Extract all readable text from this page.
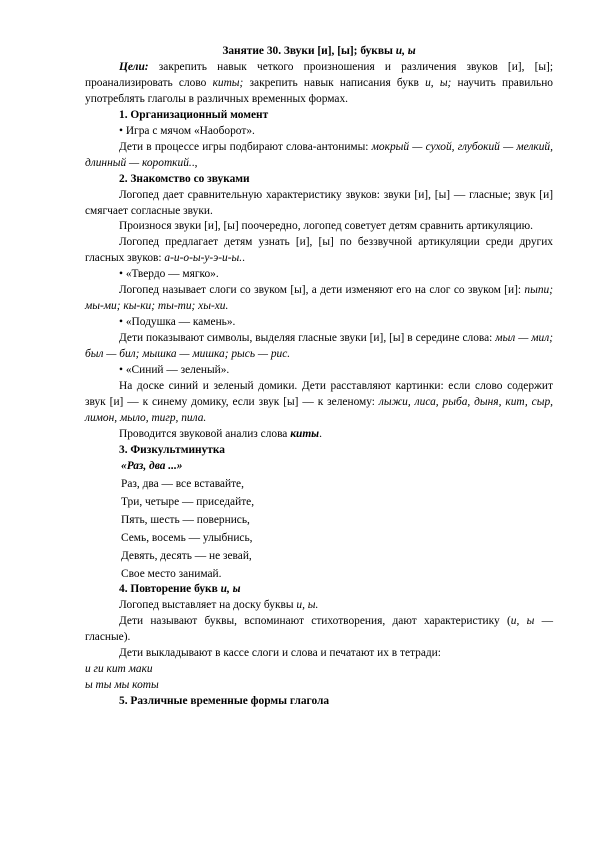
Занятие 30. Звуки [и], [ы]; буквы и, ы

Цели: закрепить навык четкого произношения и различения звуков [и], [ы]; проанализировать слово киты; закрепить навык написания букв и, ы; научить правильно употреблять глаголы в различных временных формах.

1. Организационный момент

• Игра с мячом «Наоборот».

Дети в процессе игры подбирают слова-антонимы: мокрый — сухой, глубокий — мелкий, длинный — короткий..,

2. Знакомство со звуками

Логопед дает сравнительную характеристику звуков: звуки [и], [ы] — гласные; звук [и] смягчает согласные звуки.

Произнося звуки [и], [ы] поочередно, логопед советует детям сравнить артикуляцию.

Логопед предлагает детям узнать [и], [ы] по беззвучной артикуляции среди других гласных звуков: а-и-о-ы-у-э-и-ы..

• «Твердо — мягко».

Логопед называет слоги со звуком [ы], а дети изменяют его на слог со звуком [и]: пыпи; мы-ми; кы-ки; ты-ти; хы-хи.

• «Подушка — камень».

Дети показывают символы, выделяя гласные звуки [и], [ы] в середине слова: мыл — мил; был — бил; мышка — мишка; рысь — рис.

• «Синий — зеленый».

На доске синий и зеленый домики. Дети расставляют картинки: если слово содержит звук [и] — к синему домику, если звук [ы] — к зеленому: лыжи, лиса, рыба, дыня, кит, сыр, лимон, мыло, тигр, пила.

Проводится звуковой анализ слова киты.

3. Физкультминутка

«Раз, два ...»
Раз, два — все вставайте,
Три, четыре — приседайте,
Пять, шесть — повернись,
Семь, восемь — улыбнись,
Девять, десять — не зевай,
Свое место занимай.

4. Повторение букв и, ы

Логопед выставляет на доску буквы и, ы.

Дети называют буквы, вспоминают стихотворения, дают характеристику (и, ы — гласные).

Дети выкладывают в кассе слоги и слова и печатают их в тетради:

и ги кит маки

ы ты мы коты

5. Различные временные формы глагола
